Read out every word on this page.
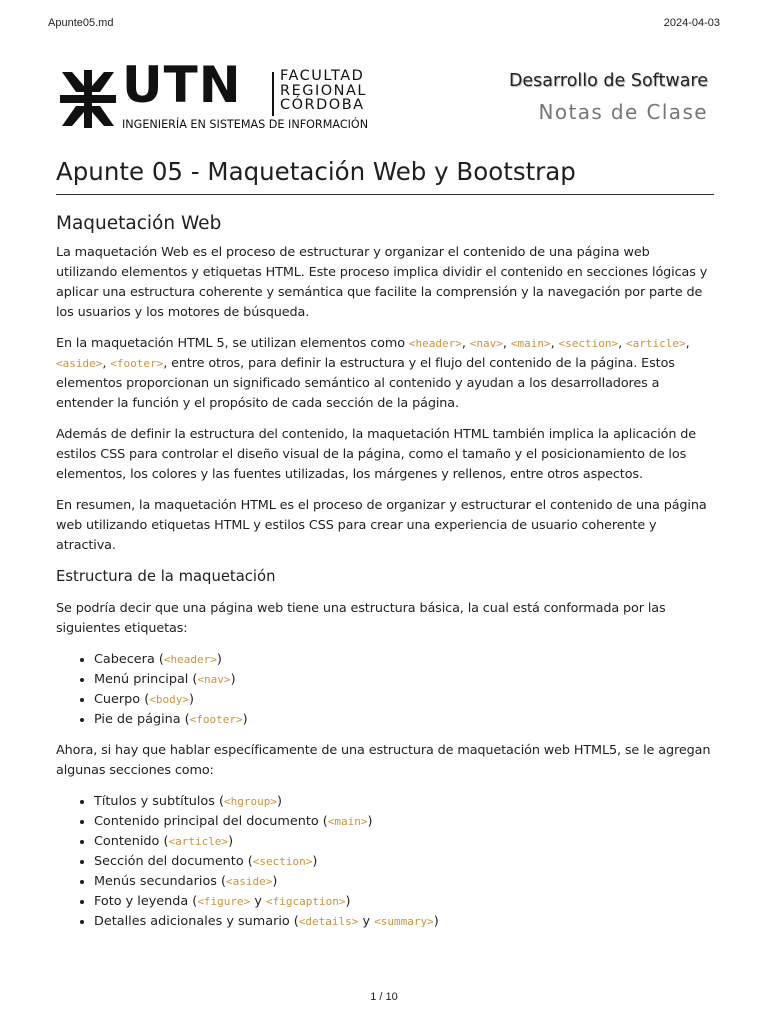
Apunte05.md	2024-04-03
UTN	FACULTAD
REGIONAL
CÓRDOBA
INGENIERÍA EN SISTEMAS DE INFORMACIÓN
Desarrollo de Software
Notas de Clase
Apunte 05 - Maquetación Web y Bootstrap
Maquetación Web

La maquetación Web es el proceso de estructurar y organizar el contenido de una página web utilizando elementos y etiquetas HTML. Este proceso implica dividir el contenido en secciones lógicas y aplicar una estructura coherente y semántica que facilite la comprensión y la navegación por parte de los usuarios y los motores de búsqueda.

En la maquetación HTML 5, se utilizan elementos como <header>, <nav>, <main>, <section>, <article>, <aside>, <footer>, entre otros, para definir la estructura y el flujo del contenido de la página. Estos elementos proporcionan un significado semántico al contenido y ayudan a los desarrolladores a entender la función y el propósito de cada sección de la página.

Además de definir la estructura del contenido, la maquetación HTML también implica la aplicación de estilos CSS para controlar el diseño visual de la página, como el tamaño y el posicionamiento de los elementos, los colores y las fuentes utilizadas, los márgenes y rellenos, entre otros aspectos.

En resumen, la maquetación HTML es el proceso de organizar y estructurar el contenido de una página web utilizando etiquetas HTML y estilos CSS para crear una experiencia de usuario coherente y atractiva.

Estructura de la maquetación

Se podría decir que una página web tiene una estructura básica, la cual está conformada por las siguientes etiquetas:

• Cabecera (<header>)
• Menú principal (<nav>)
• Cuerpo (<body>)
• Pie de página (<footer>)

Ahora, si hay que hablar específicamente de una estructura de maquetación web HTML5, se le agregan algunas secciones como:

• Títulos y subtítulos (<hgroup>)
• Contenido principal del documento (<main>)
• Contenido (<article>)
• Sección del documento (<section>)
• Menús secundarios (<aside>)
• Foto y leyenda (<figure> y <figcaption>)
• Detalles adicionales y sumario (<details> y <summary>)
1 / 10
